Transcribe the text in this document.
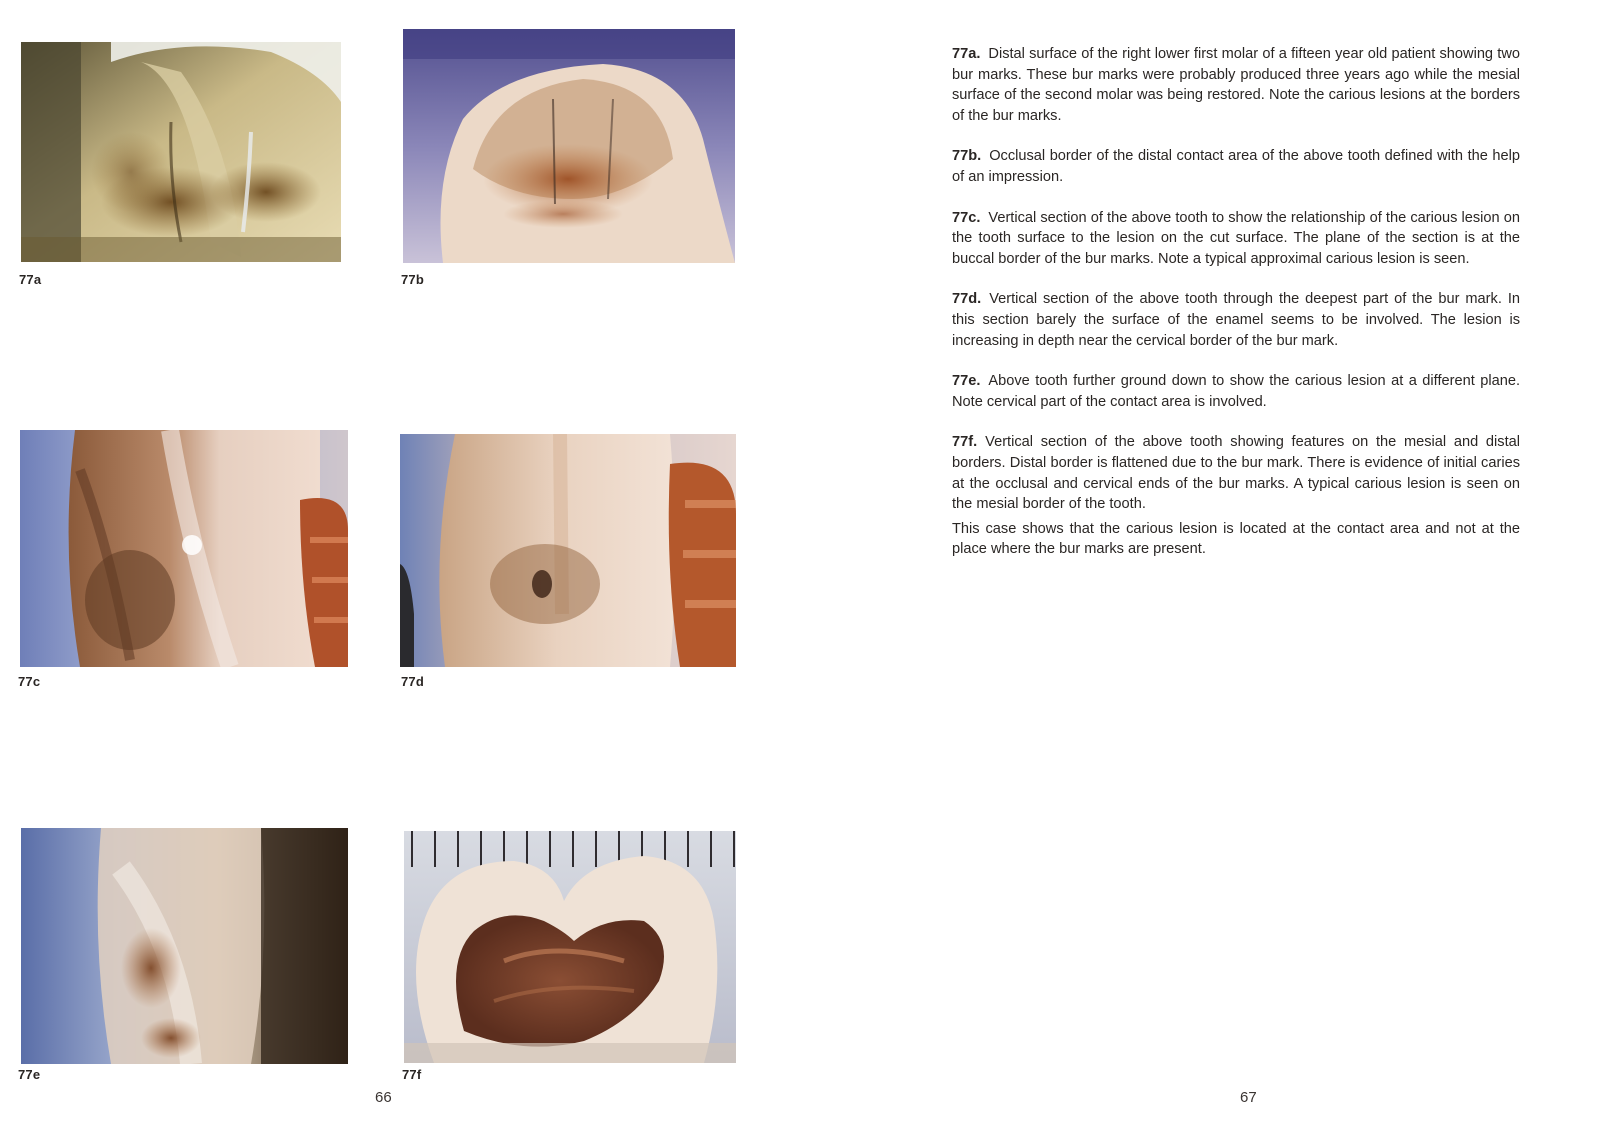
77a	77b
77c	77d
77e	77f
66

77a. Distal surface of the right lower first molar of a fifteen year old patient showing two bur marks. These bur marks were probably produced three years ago while the mesial surface of the second molar was being restored. Note the carious lesions at the borders of the bur marks.

77b. Occlusal border of the distal contact area of the above tooth defined with the help of an impression.

77c. Vertical section of the above tooth to show the relationship of the carious lesion on the tooth surface to the lesion on the cut surface. The plane of the section is at the buccal border of the bur marks. Note a typical approximal carious lesion is seen.

77d. Vertical section of the above tooth through the deepest part of the bur mark. In this section barely the surface of the enamel seems to be involved. The lesion is increasing in depth near the cervical border of the bur mark.

77e. Above tooth further ground down to show the carious lesion at a different plane. Note cervical part of the contact area is involved.

77f. Vertical section of the above tooth showing features on the mesial and distal borders. Distal border is flattened due to the bur mark. There is evidence of initial caries at the occlusal and cervical ends of the bur marks. A typical carious lesion is seen on the mesial border of the tooth.

This case shows that the carious lesion is located at the contact area and not at the place where the bur marks are present.

67
